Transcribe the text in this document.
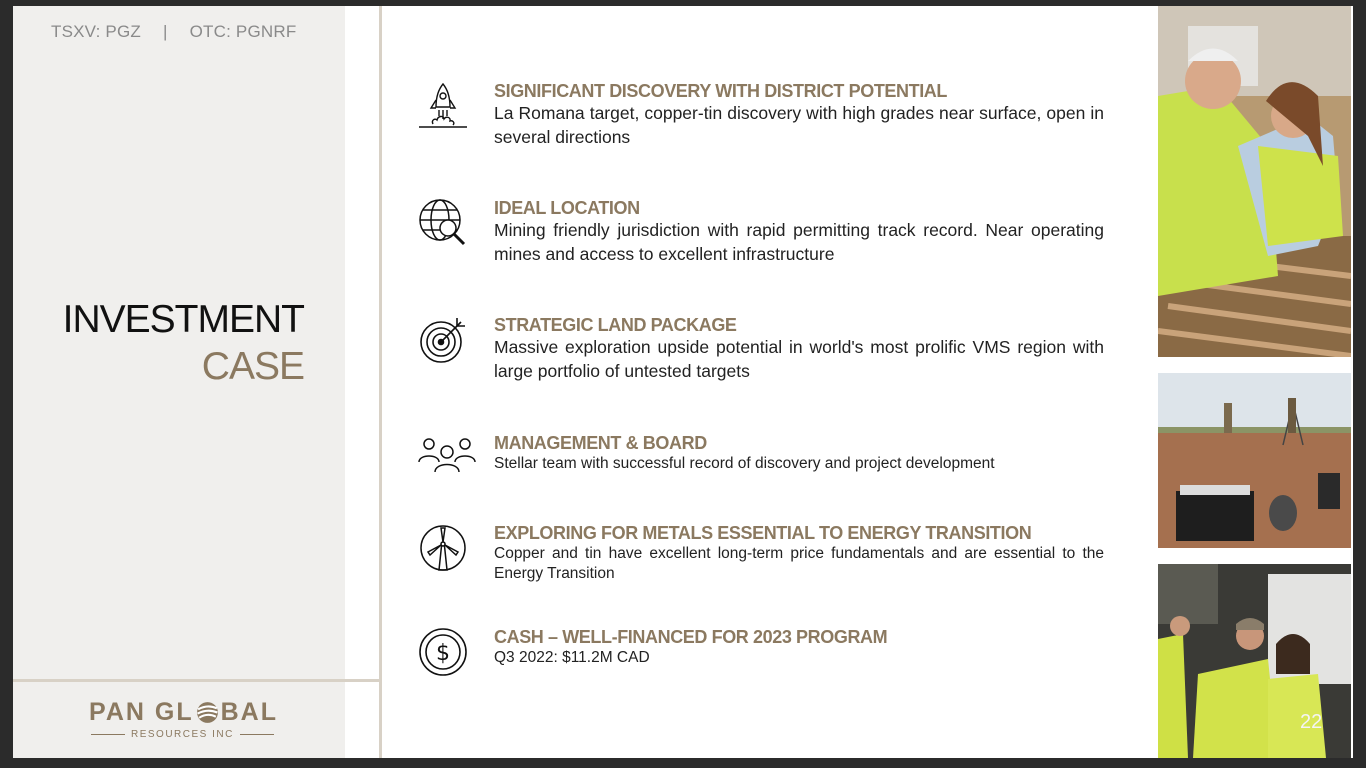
TSXV: PGZ | OTC: PGNRF
INVESTMENT
CASE
PAN GL BAL
RESOURCES INC
SIGNIFICANT DISCOVERY WITH DISTRICT POTENTIAL
La Romana target, copper-tin discovery with high grades near surface, open in several directions
IDEAL LOCATION
Mining friendly jurisdiction with rapid permitting track record. Near operating mines and access to excellent infrastructure
STRATEGIC LAND PACKAGE
Massive exploration upside potential in world's most prolific VMS region with large portfolio of untested targets
MANAGEMENT & BOARD
Stellar team with successful record of discovery and project development
EXPLORING FOR METALS ESSENTIAL TO ENERGY TRANSITION
Copper and tin have excellent long-term price fundamentals and are essential to the Energy Transition
$
CASH – WELL-FINANCED FOR 2023 PROGRAM
Q3 2022: $11.2M CAD
22
